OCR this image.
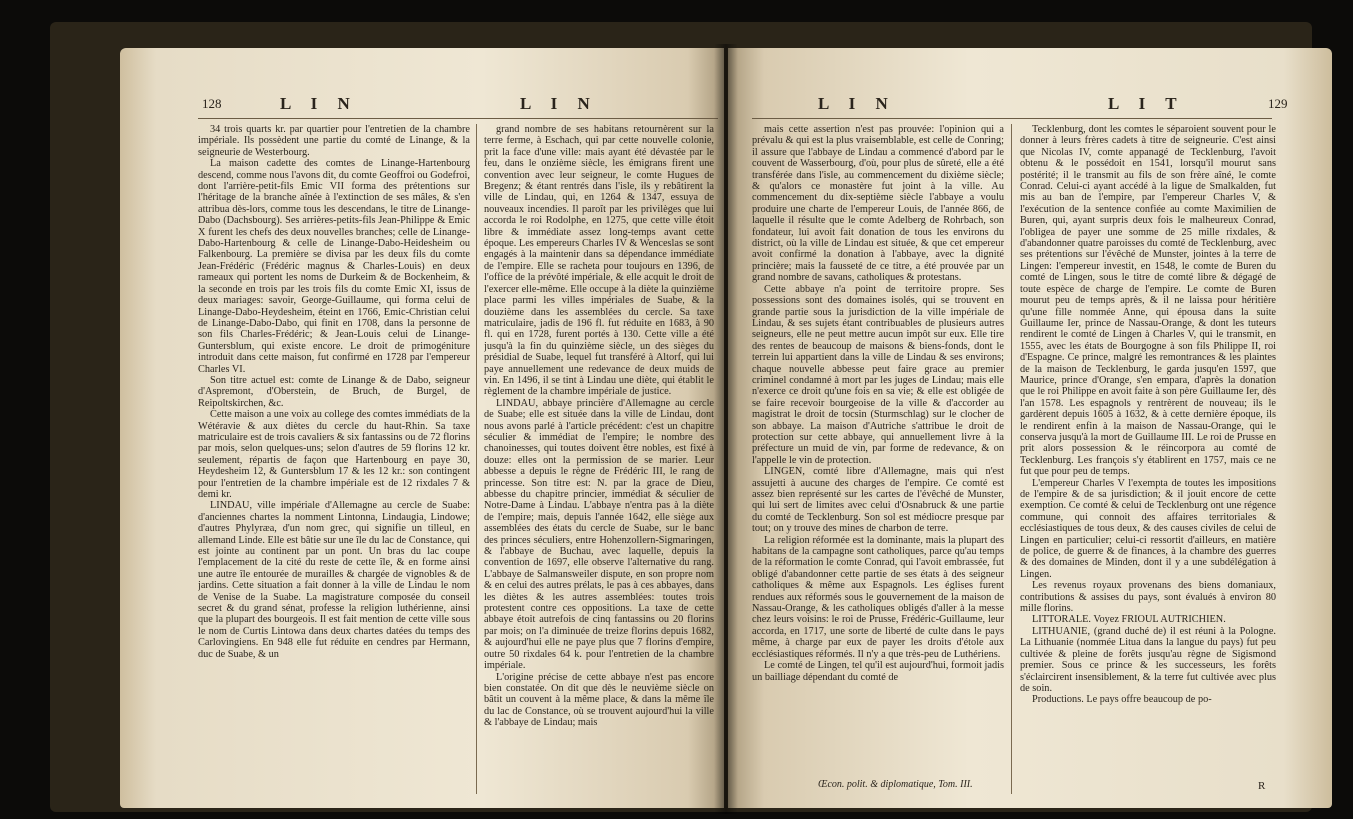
128	L I N	L I N

34 trois quarts kr. par quartier pour l'entretien de la chambre impériale. Ils possèdent une partie du comté de Linange, & la seigneurie de Westerbourg.

La maison cadette des comtes de Linange-Hartenbourg descend, comme nous l'avons dit, du comte Geoffroi ou Godefroi, dont l'arrière-petit-fils Emic VII forma des prétentions sur l'héritage de la branche aînée à l'extinction de ses mâles, & s'en attribua dès-lors, comme tous les descendans, le titre de Linange-Dabo (Dachsbourg). Ses arrières-petits-fils Jean-Philippe & Emic X furent les chefs des deux nouvelles branches; celle de Linange-Dabo-Hartenbourg & celle de Linange-Dabo-Heidesheim ou Falkenbourg. La première se divisa par les deux fils du comte Jean-Frédéric (Frédéric magnus & Charles-Louis) en deux rameaux qui portent les noms de Durkeim & de Bockenheim, & la seconde en trois par les trois fils du comte Emic XI, issus de deux mariages: savoir, George-Guillaume, qui forma celui de Linange-Dabo-Heydesheim, éteint en 1766, Emic-Christian celui de Linange-Dabo-Dabo, qui finit en 1708, dans la personne de son fils Charles-Frédéric; & Jean-Louis celui de Linange-Guntersblum, qui existe encore. Le droit de primogéniture introduit dans cette maison, fut confirmé en 1728 par l'empereur Charles VI.

Son titre actuel est: comte de Linange & de Dabo, seigneur d'Aspremont, d'Oberstein, de Bruch, de Burgel, de Reipoltskirchen, &c.

Cette maison a une voix au college des comtes immédiats de la Wétéravie & aux diètes du cercle du haut-Rhin. Sa taxe matriculaire est de trois cavaliers & six fantassins ou de 72 florins par mois, selon quelques-uns; selon d'autres de 59 florins 12 kr. seulement, répartis de façon que Hartenbourg en paye 30, Heydesheim 12, & Guntersblum 17 & les 12 kr.: son contingent pour l'entretien de la chambre impériale est de 12 rixdales 7 & demi kr.

LINDAU, ville impériale d'Allemagne au cercle de Suabe: d'anciennes chartes la nomment Lintonna, Lindaugia, Lindowe; d'autres Phylyræa, d'un nom grec, qui signifie un tilleul, en allemand Linde. Elle est bâtie sur une île du lac de Constance, qui est jointe au continent par un pont. Un bras du lac coupe l'emplacement de la cité du reste de cette île, & en forme ainsi une autre île entourée de murailles & chargée de vignobles & de jardins. Cette situation a fait donner à la ville de Lindau le nom de Venise de la Suabe. La magistrature composée du conseil secret & du grand sénat, professe la religion luthérienne, ainsi que la plupart des bourgeois. Il est fait mention de cette ville sous le nom de Curtis Lintowa dans deux chartes datées du temps des Carlovingiens. En 948 elle fut réduite en cendres par Hermann, duc de Suabe, & un

grand nombre de ses habitans retournèrent sur la terre ferme, à Eschach, qui par cette nouvelle colonie, prit la face d'une ville: mais ayant été dévastée par le feu, dans le onzième siècle, les émigrans firent une convention avec leur seigneur, le comte Hugues de Bregenz; & étant rentrés dans l'isle, ils y rebâtirent la ville de Lindau, qui, en 1264 & 1347, essuya de nouveaux incendies. Il paroît par les privilèges que lui accorda le roi Rodolphe, en 1275, que cette ville étoit libre & immédiate assez long-temps avant cette époque. Les empereurs Charles IV & Wenceslas se sont engagés à la maintenir dans sa dépendance immédiate de l'empire. Elle se racheta pour toujours en 1396, de l'office de la prévôté impériale, & elle acquit le droit de l'exercer elle-même. Elle occupe à la diète la quinzième place parmi les villes impériales de Suabe, & la douzième dans les assemblées du cercle. Sa taxe matriculaire, jadis de 196 fl. fut réduite en 1683, à 90 fl. qui en 1728, furent portés à 130. Cette ville a été jusqu'à la fin du quinzième siècle, un des sièges du présidial de Suabe, lequel fut transféré à Altorf, qui lui paye annuellement une redevance de deux muids de vin. En 1496, il se tint à Lindau une diète, qui établit le règlement de la chambre impériale de justice.

LINDAU, abbaye princière d'Allemagne au cercle de Suabe; elle est située dans la ville de Lindau, dont nous avons parlé à l'article précédent: c'est un chapitre séculier & immédiat de l'empire; le nombre des chanoinesses, qui toutes doivent être nobles, est fixé à douze: elles ont la permission de se marier. Leur abbesse a depuis le règne de Frédéric III, le rang de princesse. Son titre est: N. par la grace de Dieu, abbesse du chapitre princier, immédiat & séculier de Notre-Dame à Lindau. L'abbaye n'entra pas à la diète de l'empire; mais, depuis l'année 1642, elle siège aux assemblées des états du cercle de Suabe, sur le banc des princes séculiers, entre Hohenzollern-Sigmaringen, & l'abbaye de Buchau, avec laquelle, depuis la convention de 1697, elle observe l'alternative du rang. L'abbaye de Salmansweiler dispute, en son propre nom & en celui des autres prélats, le pas à ces abbayes, dans les diètes & les autres assemblées: toutes trois protestent contre ces oppositions. La taxe de cette abbaye étoit autrefois de cinq fantassins ou 20 florins par mois; on l'a diminuée de treize florins depuis 1682, & aujourd'hui elle ne paye plus que 7 florins d'empire, outre 50 rixdales 64 k. pour l'entretien de la chambre impériale.

L'origine précise de cette abbaye n'est pas encore bien constatée. On dit que dès le neuvième siècle on bâtit un couvent à la même place, & dans la même île du lac de Constance, où se trouvent aujourd'hui la ville & l'abbaye de Lindau; mais

L I N	L I T	129

mais cette assertion n'est pas prouvée: l'opinion qui a prévalu & qui est la plus vraisemblable, est celle de Conring; il assure que l'abbaye de Lindau a commencé d'abord par le couvent de Wasserbourg, d'où, pour plus de sûreté, elle a été transférée dans l'isle, au commencement du dixième siècle; & qu'alors ce monastère fut joint à la ville. Au commencement du dix-septième siècle l'abbaye a voulu produire une charte de l'empereur Louis, de l'année 866, de laquelle il résulte que le comte Adelberg de Rohrbach, son fondateur, lui avoit fait donation de tous les environs du district, où la ville de Lindau est située, & que cet empereur avoit confirmé la donation à l'abbaye, avec la dignité princière; mais la fausseté de ce titre, a été prouvée par un grand nombre de savans, catholiques & protestans.

Cette abbaye n'a point de territoire propre. Ses possessions sont des domaines isolés, qui se trouvent en grande partie sous la jurisdiction de la ville impériale de Lindau, & ses sujets étant contribuables de plusieurs autres seigneurs, elle ne peut mettre aucun impôt sur eux. Elle tire des rentes de beaucoup de maisons & biens-fonds, dont le terrein lui appartient dans la ville de Lindau & ses environs; chaque nouvelle abbesse peut faire grace au premier criminel condamné à mort par les juges de Lindau; mais elle n'exerce ce droit qu'une fois en sa vie; & elle est obligée de se faire recevoir bourgeoise de la ville & d'accorder au magistrat le droit de tocsin (Sturmschlag) sur le clocher de son abbaye. La maison d'Autriche s'attribue le droit de protection sur cette abbaye, qui annuellement livre à la préfecture un muid de vin, par forme de redevance, & on l'appelle le vin de protection.

LINGEN, comté libre d'Allemagne, mais qui n'est assujetti à aucune des charges de l'empire. Ce comté est assez bien représenté sur les cartes de l'évêché de Munster, qui lui sert de limites avec celui d'Osnabruck & une partie du comté de Tecklenburg. Son sol est médiocre presque par tout; on y trouve des mines de charbon de terre.

La religion réformée est la dominante, mais la plupart des habitans de la campagne sont catholiques, parce qu'au temps de la réformation le comte Conrad, qui l'avoit embrassée, fut obligé d'abandonner cette partie de ses états à des seigneur catholiques & même aux Espagnols. Les églises furent rendues aux réformés sous le gouvernement de la maison de Nassau-Orange, & les catholiques obligés d'aller à la messe chez leurs voisins: le roi de Prusse, Frédéric-Guillaume, leur accorda, en 1717, une sorte de liberté de culte dans le pays même, à charge par eux de payer les droits d'étole aux ecclésiastiques réformés. Il n'y a que très-peu de Luthériens.

Le comté de Lingen, tel qu'il est aujourd'hui, formoit jadis un bailliage dépendant du comté de

Tecklenburg, dont les comtes le séparoient souvent pour le donner à leurs frères cadets à titre de seigneurie. C'est ainsi que Nicolas IV, comte appanagé de Tecklenburg, l'avoit obtenu & le possédoit en 1541, lorsqu'il mourut sans postérité; il le transmit au fils de son frère aîné, le comte Conrad. Celui-ci ayant accédé à la ligue de Smalkalden, fut mis au ban de l'empire, par l'empereur Charles V, & l'exécution de la sentence confiée au comte Maximilien de Buren, qui, ayant surpris deux fois le malheureux Conrad, l'obligea de payer une somme de 25 mille rixdales, & d'abandonner quatre paroisses du comté de Tecklenburg, avec ses prétentions sur l'évêché de Munster, jointes à la terre de Lingen: l'empereur investit, en 1548, le comte de Buren du comté de Lingen, sous le titre de comté libre & dégagé de toute espèce de charge de l'empire. Le comte de Buren mourut peu de temps après, & il ne laissa pour héritière qu'une fille nommée Anne, qui épousa dans la suite Guillaume Ier, prince de Nassau-Orange, & dont les tuteurs rendirent le comté de Lingen à Charles V, qui le transmit, en 1555, avec les états de Bourgogne à son fils Philippe II, roi d'Espagne. Ce prince, malgré les remontrances & les plaintes de la maison de Tecklenburg, le garda jusqu'en 1597, que Maurice, prince d'Orange, s'en empara, d'après la donation que le roi Philippe en avoit faite à son père Guillaume Ier, dès l'an 1578. Les espagnols y rentrèrent de nouveau; ils le gardèrent depuis 1605 à 1632, & à cette dernière époque, ils le rendirent enfin à la maison de Nassau-Orange, qui le conserva jusqu'à la mort de Guillaume III. Le roi de Prusse en prit alors possession & le réincorpora au comté de Tecklenburg. Les françois s'y établirent en 1757, mais ce ne fut que pour peu de temps.

L'empereur Charles V l'exempta de toutes les impositions de l'empire & de sa jurisdiction; & il jouit encore de cette exemption. Ce comté & celui de Tecklenburg ont une régence commune, qui connoit des affaires territoriales & ecclésiastiques de tous deux, & des causes civiles de celui de Lingen en particulier; celui-ci ressortit d'ailleurs, en matière de police, de guerre & de finances, à la chambre des guerres & des domaines de Minden, dont il y a une subdélégation à Lingen.

Les revenus royaux provenans des biens domaniaux, contributions & assises du pays, sont évalués à environ 80 mille florins.

LITTORALE. Voyez FRIOUL AUTRICHIEN.

LITHUANIE, (grand duché de) il est réuni à la Pologne. La Lithuanie (nommée Litua dans la langue du pays) fut peu cultivée & pleine de forêts jusqu'au règne de Sigismond premier. Sous ce prince & les successeurs, les forêts s'éclaircirent insensiblement, & la terre fut cultivée avec plus de soin.

Productions. Le pays offre beaucoup de po-

Œcon. polit. & diplomatique, Tom. III.	R
